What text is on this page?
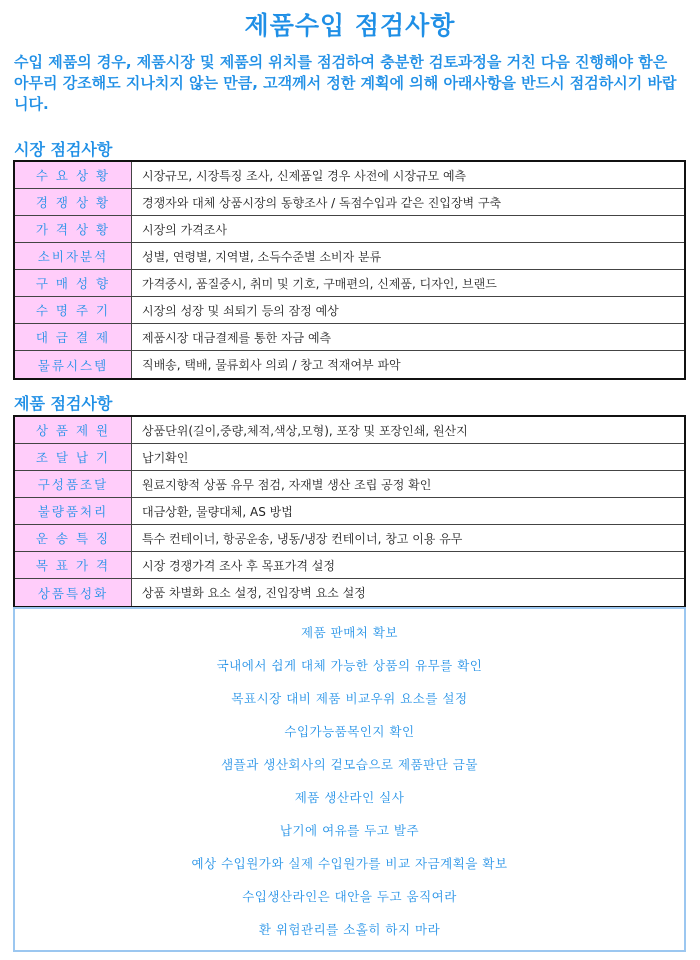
제품수입 점검사항
수입 제품의 경우, 제품시장 및 제품의 위치를 점검하여 충분한 검토과정을 거친 다음 진행해야 함은 아무리 강조해도 지나치지 않는 만큼, 고객께서 정한 계획에 의해 아래사항을 반드시 점검하시기 바랍니다.
시장 점검사항
수 요 상 황	시장규모, 시장특징 조사, 신제품일 경우 사전에 시장규모 예측
경 쟁 상 황	경쟁자와 대체 상품시장의 동향조사 / 독점수입과 같은 진입장벽 구축
가 격 상 황	시장의 가격조사
소비자분석	성별, 연령별, 지역별, 소득수준별 소비자 분류
구 매 성 향	가격중시, 품질중시, 취미 및 기호, 구매편의, 신제품, 디자인, 브랜드
수 명 주 기	시장의 성장 및 쇠퇴기 등의 잠정 예상
대 금 결 제	제품시장 대금결제를 통한 자금 예측
물류시스템	직배송, 택배, 물류회사 의뢰 / 창고 적재여부 파악
제품 점검사항
상 품 제 원	상품단위(길이,중량,체적,색상,모형), 포장 및 포장인쇄, 원산지
조 달 납 기	납기확인
구성품조달	원료지향적 상품 유무 점검, 자재별 생산 조립 공정 확인
불량품처리	대금상환, 물량대체, AS 방법
운 송 특 징	특수 컨테이너, 항공운송, 냉동/냉장 컨테이너, 창고 이용 유무
목 표 가 격	시장 경쟁가격 조사 후 목표가격 설정
상품특성화	상품 차별화 요소 설정, 진입장벽 요소 설정
제품 판매처 확보
국내에서 쉽게 대체 가능한 상품의 유무를 확인
목표시장 대비 제품 비교우위 요소를 설정
수입가능품목인지 확인
샘플과 생산회사의 겉모습으로 제품판단 금물
제품 생산라인 실사
납기에 여유를 두고 발주
예상 수입원가와 실제 수입원가를 비교 자금계획을 확보
수입생산라인은 대안을 두고 움직여라
환 위험관리를 소홀히 하지 마라
